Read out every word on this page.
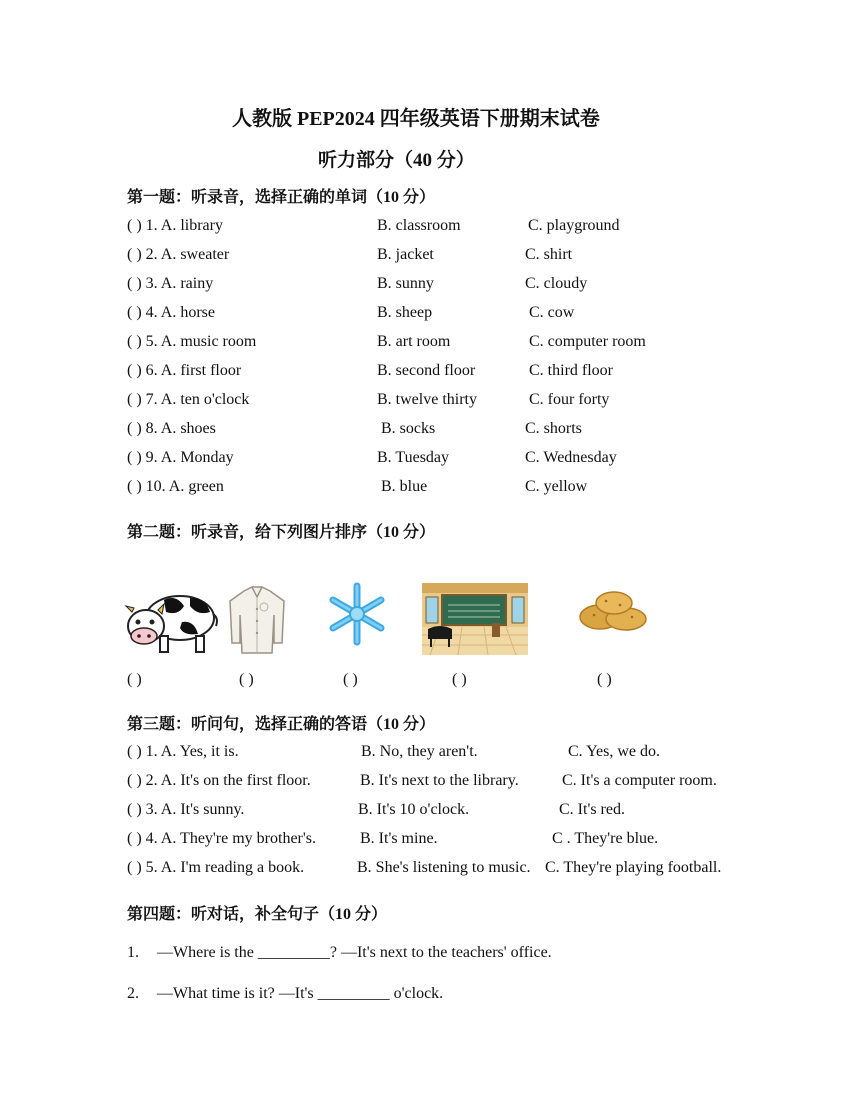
人教版 PEP2024 四年级英语下册期末试卷
听力部分（40 分）
第一题：听录音，选择正确的单词（10 分）
( ) 1. A. library	B. classroom	C. playground
( ) 2. A. sweater	B. jacket	C. shirt
( ) 3. A. rainy	B. sunny	C. cloudy
( ) 4. A. horse	B. sheep	C. cow
( ) 5. A. music room	B. art room	C. computer room
( ) 6. A. first floor	B. second floor	C. third floor
( ) 7. A. ten o'clock	B. twelve thirty	C. four forty
( ) 8. A. shoes	B. socks	C. shorts
( ) 9. A. Monday	B. Tuesday	C. Wednesday
( ) 10. A. green	B. blue	C. yellow
第二题：听录音，给下列图片排序（10 分）
( )	( )	( )	( )	( )
第三题：听问句，选择正确的答语（10 分）
( ) 1. A. Yes, it is.	B. No, they aren't.	C. Yes, we do.
( ) 2. A. It's on the first floor.	B. It's next to the library.	C. It's a computer room.
( ) 3. A. It's sunny.	B. It's 10 o'clock.	C. It's red.
( ) 4. A. They're my brother's.	B. It's mine.	C . They're blue.
( ) 5. A. I'm reading a book.	B. She's listening to music. C. They're playing football.
第四题：听对话，补全句子（10 分）
1. —Where is the _________? —It's next to the teachers' office.
2. —What time is it? —It's _________ o'clock.
